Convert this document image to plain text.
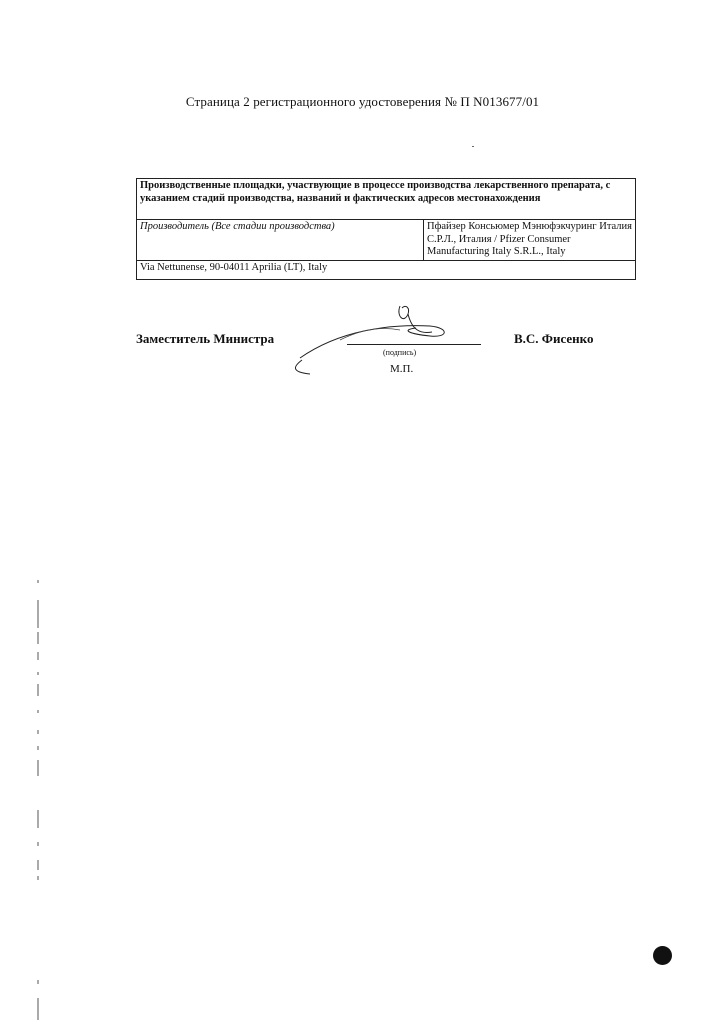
Страница 2 регистрационного удостоверения № П N013677/01
Производственные площадки, участвующие в процессе производства лекарственного препарата, с указанием стадий производства, названий и фактических адресов местонахождения
Производитель (Все стадии производства)	Пфайзер Консьюмер Мэнюфэкчуринг Италия С.Р.Л., Италия / Pfizer Consumer Manufacturing Italy S.R.L., Italy
Via Nettunense, 90-04011 Aprilia (LT), Italy
Заместитель Министра
(подпись)
М.П.
В.С. Фисенко
